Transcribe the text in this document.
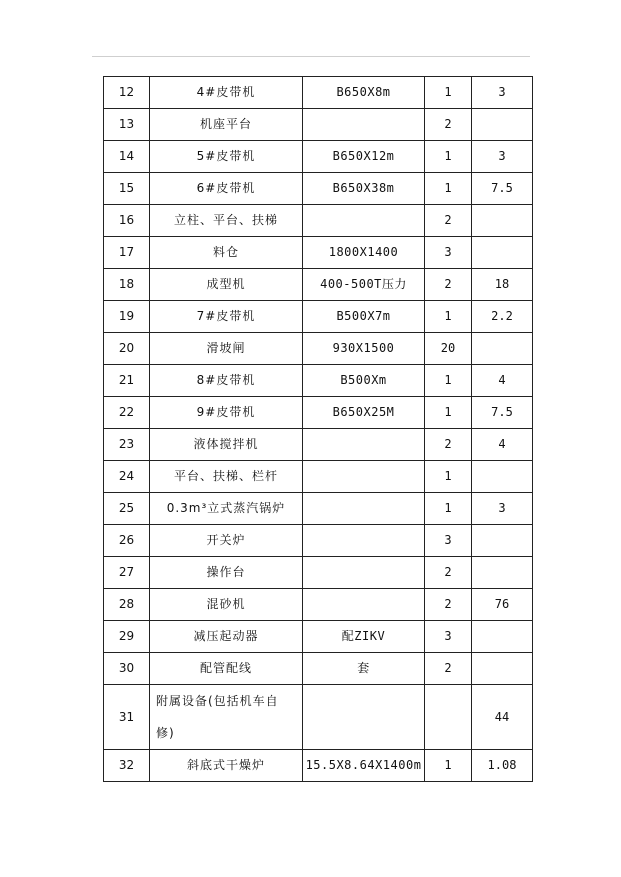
12	4#皮带机	B650X8m	1	3
13	机座平台		2	
14	5#皮带机	B650X12m	1	3
15	6#皮带机	B650X38m	1	7.5
16	立柱、平台、扶梯		2	
17	料仓	1800X1400	3	
18	成型机	400-500T压力	2	18
19	7#皮带机	B500X7m	1	2.2
20	滑坡闸	930X1500	20	
21	8#皮带机	B500Xm	1	4
22	9#皮带机	B650X25M	1	7.5
23	液体搅拌机		2	4
24	平台、扶梯、栏杆		1	
25	0.3m³立式蒸汽锅炉		1	3
26	开关炉		3	
27	操作台		2	
28	混砂机		2	76
29	减压起动器	配ZIKV	3	
30	配管配线	套	2	
31	附属设备(包括机车自修)			44
32	斜底式干燥炉	15.5X8.64X1400m	1	1.08
